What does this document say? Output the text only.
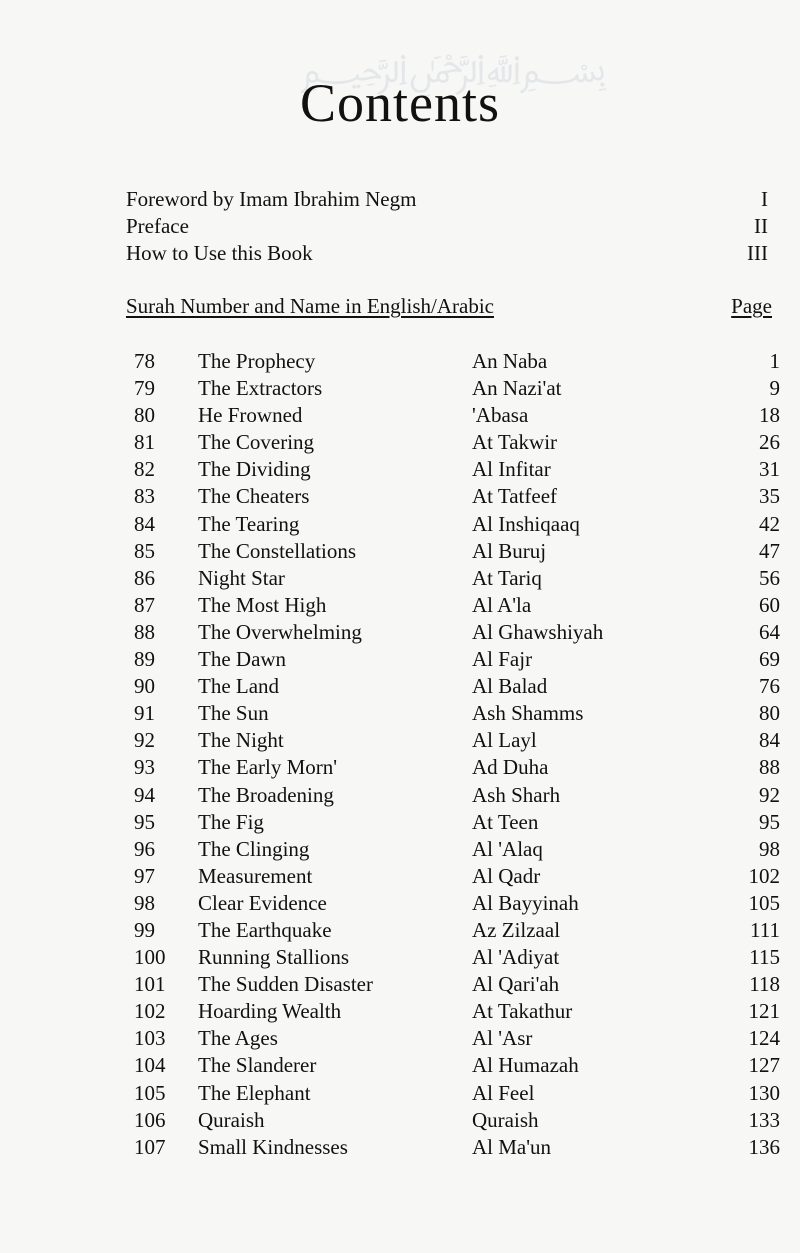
﷽
Contents
Foreword by Imam Ibrahim Negm	I
Preface	II
How to Use this Book	III
Surah Number and Name in English/Arabic	Page
78 The Prophecy	An Naba	1
79 The Extractors	An Nazi'at	9
80 He Frowned	'Abasa	18
81 The Covering	At Takwir	26
82 The Dividing	Al Infitar	31
83 The Cheaters	At Tatfeef	35
84 The Tearing	Al Inshiqaaq	42
85 The Constellations	Al Buruj	47
86 Night Star	At Tariq	56
87 The Most High	Al A'la	60
88 The Overwhelming	Al Ghawshiyah	64
89 The Dawn	Al Fajr	69
90 The Land	Al Balad	76
91 The Sun	Ash Shamms	80
92 The Night	Al Layl	84
93 The Early Morn'	Ad Duha	88
94 The Broadening	Ash Sharh	92
95 The Fig	At Teen	95
96 The Clinging	Al 'Alaq	98
97 Measurement	Al Qadr	102
98 Clear Evidence	Al Bayyinah	105
99 The Earthquake	Az Zilzaal	111
100 Running Stallions	Al 'Adiyat	115
101 The Sudden Disaster	Al Qari'ah	118
102 Hoarding Wealth	At Takathur	121
103 The Ages	Al 'Asr	124
104 The Slanderer	Al Humazah	127
105 The Elephant	Al Feel	130
106 Quraish	Quraish	133
107 Small Kindnesses	Al Ma'un	136
